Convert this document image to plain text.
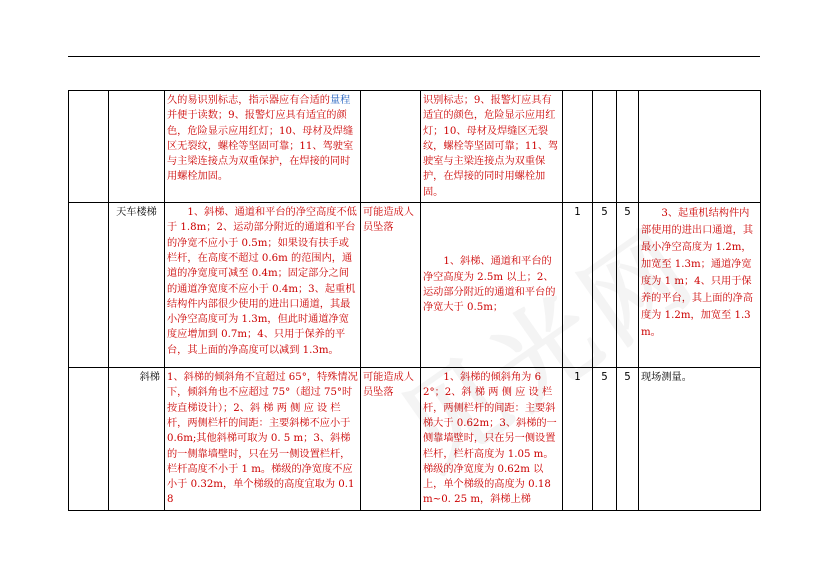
		久的易识别标志，指示器应有合适的量程并便于读数；9、报警灯应具有适宜的颜色，危险显示应用红灯；10、母材及焊缝区无裂纹，螺栓等坚固可靠；11、驾驶室与主梁连接点为双重保护，在焊接的同时用螺栓加固。		识别标志；9、报警灯应具有适宜的颜色，危险显示应用红灯；10、母材及焊缝区无裂纹，螺栓等坚固可靠；11、驾驶室与主梁连接点为双重保护，在焊接的同时用螺栓加固。				
	天车楼梯	1、斜梯、通道和平台的净空高度不低于 1.8m；2、运动部分附近的通道和平台的净宽不应小于 0.5m；如果设有扶手或栏杆，在高度不超过 0.6m 的范围内，通道的净宽度可减至 0.4m；固定部分之间的通道净宽度不应小于 0.4m；3、起重机结构件内部很少使用的进出口通道，其最小净空高度可为 1.3m，但此时通道净宽度应增加到 0.7m；4、只用于保养的平台，其上面的净高度可以减到 1.3m。	可能造成人员坠落	1、斜梯、通道和平台的净空高度为 2.5m 以上；2、运动部分附近的通道和平台的净宽大于 0.5m；	1	5	5	3、起重机结构件内部使用的进出口通道，其最小净空高度为 1.2m，加宽至 1.3m；通道净宽度为 1 m；4、只用于保养的平台，其上面的净高度为 1.2m，加宽至 1.3m。
	斜梯	1、斜梯的倾斜角不宜超过 65°，特殊情况下，倾斜角也不应超过 75°（超过 75°时按直梯设计）；2、斜 梯 两 侧 应 设 栏 杆，两侧栏杆的间距：主要斜梯不应小于 0.6m;其他斜梯可取为 0. 5 m；3、斜梯的一侧靠墙壁时，只在另一侧设置栏杆，栏杆高度不小于 1 m。梯级的净宽度不应小于 0.32m，单个梯级的高度宜取为 0.18	可能造成人员坠落	1、斜梯的倾斜角为 62°；2、斜 梯 两 侧 应 设 栏 杆，两侧栏杆的间距：主要斜梯大于 0.62m；3、斜梯的一侧靠墙壁时，只在另一侧设置栏杆，栏杆高度为 1.05 m。梯级的净宽度为 0.62m 以上，单个梯级的高度为 0.18 m~0. 25 m，斜梯上梯	1	5	5	现场测量。
